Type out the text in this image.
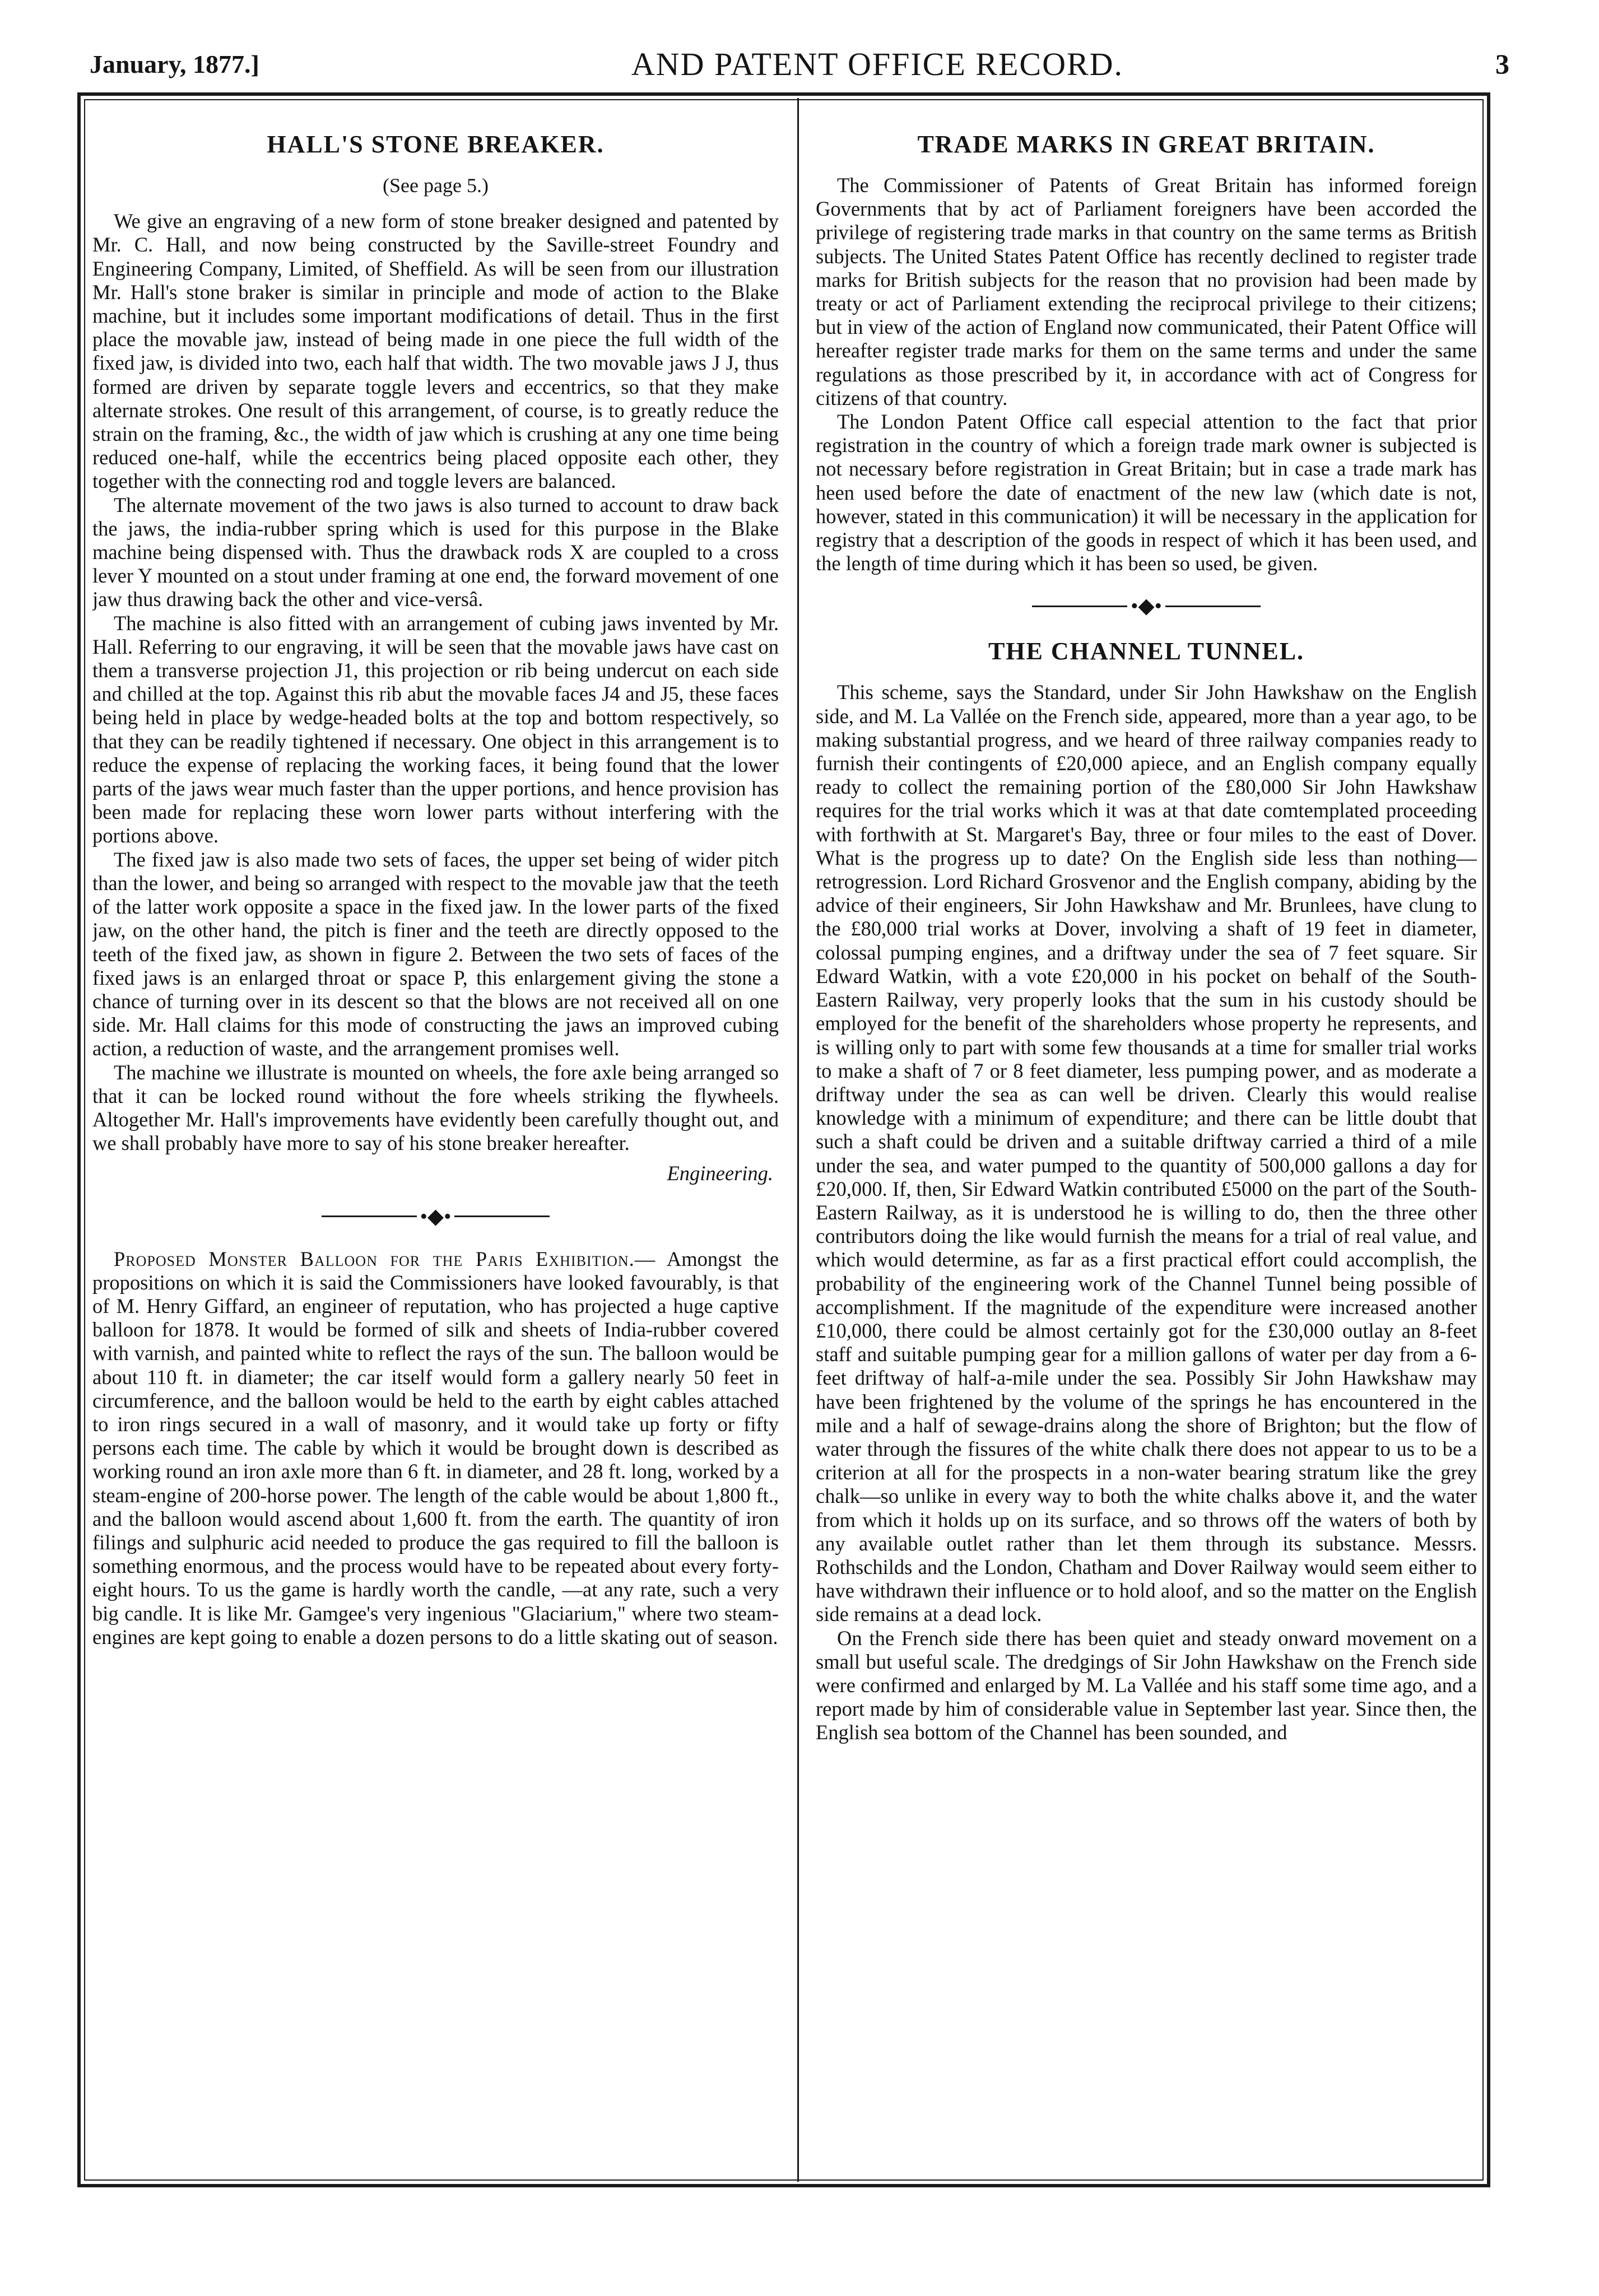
January, 1877.]	AND PATENT OFFICE RECORD.	3
HALL'S STONE BREAKER.
(See page 5.)

We give an engraving of a new form of stone breaker designed and patented by Mr. C. Hall, and now being constructed by the Saville-street Foundry and Engineering Company, Limited, of Sheffield. As will be seen from our illustration Mr. Hall's stone braker is similar in principle and mode of action to the Blake machine, but it includes some important modifications of detail. Thus in the first place the movable jaw, instead of being made in one piece the full width of the fixed jaw, is divided into two, each half that width. The two movable jaws J J, thus formed are driven by separate toggle levers and eccentrics, so that they make alternate strokes. One result of this arrangement, of course, is to greatly reduce the strain on the framing, &c., the width of jaw which is crushing at any one time being reduced one-half, while the eccentrics being placed opposite each other, they together with the connecting rod and toggle levers are balanced.

The alternate movement of the two jaws is also turned to account to draw back the jaws, the india-rubber spring which is used for this purpose in the Blake machine being dispensed with. Thus the drawback rods X are coupled to a cross lever Y mounted on a stout under framing at one end, the forward movement of one jaw thus drawing back the other and vice-versâ.

The machine is also fitted with an arrangement of cubing jaws invented by Mr. Hall. Referring to our engraving, it will be seen that the movable jaws have cast on them a transverse projection J1, this projection or rib being undercut on each side and chilled at the top. Against this rib abut the movable faces J4 and J5, these faces being held in place by wedge-headed bolts at the top and bottom respectively, so that they can be readily tightened if necessary. One object in this arrangement is to reduce the expense of replacing the working faces, it being found that the lower parts of the jaws wear much faster than the upper portions, and hence provision has been made for replacing these worn lower parts without interfering with the portions above.

The fixed jaw is also made two sets of faces, the upper set being of wider pitch than the lower, and being so arranged with respect to the movable jaw that the teeth of the latter work opposite a space in the fixed jaw. In the lower parts of the fixed jaw, on the other hand, the pitch is finer and the teeth are directly opposed to the teeth of the fixed jaw, as shown in figure 2. Between the two sets of faces of the fixed jaws is an enlarged throat or space P, this enlargement giving the stone a chance of turning over in its descent so that the blows are not received all on one side. Mr. Hall claims for this mode of constructing the jaws an improved cubing action, a reduction of waste, and the arrangement promises well.

The machine we illustrate is mounted on wheels, the fore axle being arranged so that it can be locked round without the fore wheels striking the flywheels. Altogether Mr. Hall's improvements have evidently been carefully thought out, and we shall probably have more to say of his stone breaker hereafter.

Engineering.
•◆•

Proposed Monster Balloon for the Paris Exhibition.— Amongst the propositions on which it is said the Commissioners have looked favourably, is that of M. Henry Giffard, an engineer of reputation, who has projected a huge captive balloon for 1878. It would be formed of silk and sheets of India-rubber covered with varnish, and painted white to reflect the rays of the sun. The balloon would be about 110 ft. in diameter; the car itself would form a gallery nearly 50 feet in circumference, and the balloon would be held to the earth by eight cables attached to iron rings secured in a wall of masonry, and it would take up forty or fifty persons each time. The cable by which it would be brought down is described as working round an iron axle more than 6 ft. in diameter, and 28 ft. long, worked by a steam-engine of 200-horse power. The length of the cable would be about 1,800 ft., and the balloon would ascend about 1,600 ft. from the earth. The quantity of iron filings and sulphuric acid needed to produce the gas required to fill the balloon is something enormous, and the process would have to be repeated about every forty-eight hours. To us the game is hardly worth the candle, —at any rate, such a very big candle. It is like Mr. Gamgee's very ingenious "Glaciarium," where two steam-engines are kept going to enable a dozen persons to do a little skating out of season.

TRADE MARKS IN GREAT BRITAIN.

The Commissioner of Patents of Great Britain has informed foreign Governments that by act of Parliament foreigners have been accorded the privilege of registering trade marks in that country on the same terms as British subjects. The United States Patent Office has recently declined to register trade marks for British subjects for the reason that no provision had been made by treaty or act of Parliament extending the reciprocal privilege to their citizens; but in view of the action of England now communicated, their Patent Office will hereafter register trade marks for them on the same terms and under the same regulations as those prescribed by it, in accordance with act of Congress for citizens of that country.

The London Patent Office call especial attention to the fact that prior registration in the country of which a foreign trade mark owner is subjected is not necessary before registration in Great Britain; but in case a trade mark has heen used before the date of enactment of the new law (which date is not, however, stated in this communication) it will be necessary in the application for registry that a description of the goods in respect of which it has been used, and the length of time during which it has been so used, be given.

•◆•
THE CHANNEL TUNNEL.

This scheme, says the Standard, under Sir John Hawkshaw on the English side, and M. La Vallée on the French side, appeared, more than a year ago, to be making substantial progress, and we heard of three railway companies ready to furnish their contingents of £20,000 apiece, and an English company equally ready to collect the remaining portion of the £80,000 Sir John Hawkshaw requires for the trial works which it was at that date comtemplated proceeding with forthwith at St. Margaret's Bay, three or four miles to the east of Dover. What is the progress up to date? On the English side less than nothing—retrogression. Lord Richard Grosvenor and the English company, abiding by the advice of their engineers, Sir John Hawkshaw and Mr. Brunlees, have clung to the £80,000 trial works at Dover, involving a shaft of 19 feet in diameter, colossal pumping engines, and a driftway under the sea of 7 feet square. Sir Edward Watkin, with a vote £20,000 in his pocket on behalf of the South-Eastern Railway, very properly looks that the sum in his custody should be employed for the benefit of the shareholders whose property he represents, and is willing only to part with some few thousands at a time for smaller trial works to make a shaft of 7 or 8 feet diameter, less pumping power, and as moderate a driftway under the sea as can well be driven. Clearly this would realise knowledge with a minimum of expenditure; and there can be little doubt that such a shaft could be driven and a suitable driftway carried a third of a mile under the sea, and water pumped to the quantity of 500,000 gallons a day for £20,000. If, then, Sir Edward Watkin contributed £5000 on the part of the South-Eastern Railway, as it is understood he is willing to do, then the three other contributors doing the like would furnish the means for a trial of real value, and which would determine, as far as a first practical effort could accomplish, the probability of the engineering work of the Channel Tunnel being possible of accomplishment. If the magnitude of the expenditure were increased another £10,000, there could be almost certainly got for the £30,000 outlay an 8-feet staff and suitable pumping gear for a million gallons of water per day from a 6-feet driftway of half-a-mile under the sea. Possibly Sir John Hawkshaw may have been frightened by the volume of the springs he has encountered in the mile and a half of sewage-drains along the shore of Brighton; but the flow of water through the fissures of the white chalk there does not appear to us to be a criterion at all for the prospects in a non-water bearing stratum like the grey chalk—so unlike in every way to both the white chalks above it, and the water from which it holds up on its surface, and so throws off the waters of both by any available outlet rather than let them through its substance. Messrs. Rothschilds and the London, Chatham and Dover Railway would seem either to have withdrawn their influence or to hold aloof, and so the matter on the English side remains at a dead lock.

On the French side there has been quiet and steady onward movement on a small but useful scale. The dredgings of Sir John Hawkshaw on the French side were confirmed and enlarged by M. La Vallée and his staff some time ago, and a report made by him of considerable value in September last year. Since then, the English sea bottom of the Channel has been sounded, and
